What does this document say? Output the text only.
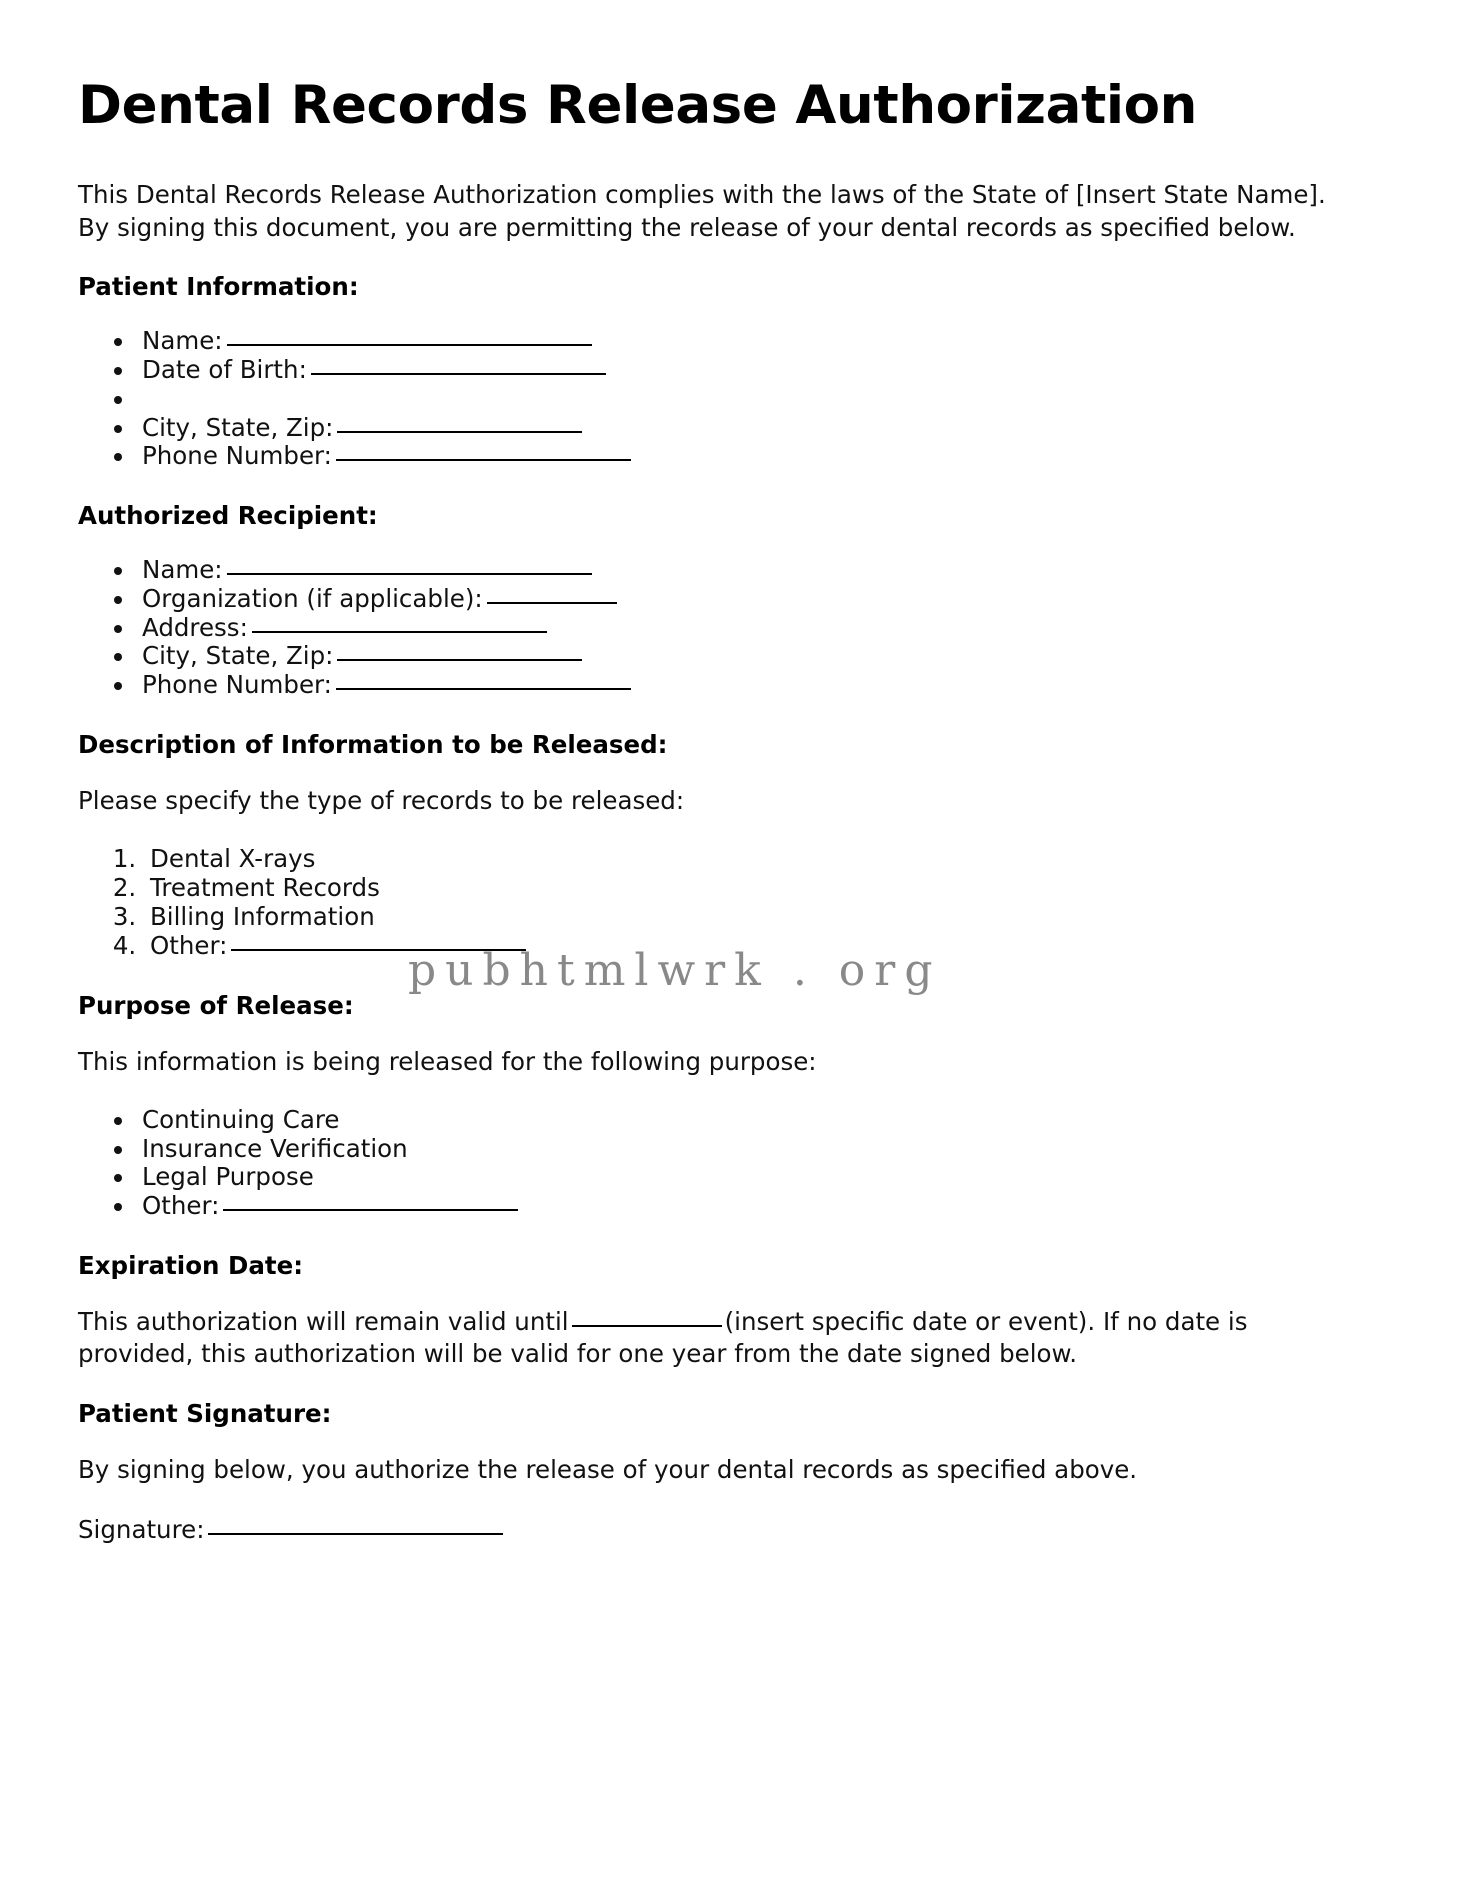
pubhtmlwrk . org
Dental Records Release Authorization

This Dental Records Release Authorization complies with the laws of the State of [Insert State Name]. By signing this document, you are permitting the release of your dental records as specified below.

Patient Information:
• Name:
• Date of Birth:
•
• City, State, Zip:
• Phone Number:
Authorized Recipient:
• Name:
• Organization (if applicable):
• Address:
• City, State, Zip:
• Phone Number:
Description of Information to be Released:

Please specify the type of records to be released:

1. Dental X-rays
2. Treatment Records
3. Billing Information
4. Other:
Purpose of Release:

This information is being released for the following purpose:

• Continuing Care
• Insurance Verification
• Legal Purpose
• Other:
Expiration Date:

This authorization will remain valid until	(insert specific date or event). If no date is provided, this authorization will be valid for one year from the date signed below.

Patient Signature:

By signing below, you authorize the release of your dental records as specified above.

Signature:
